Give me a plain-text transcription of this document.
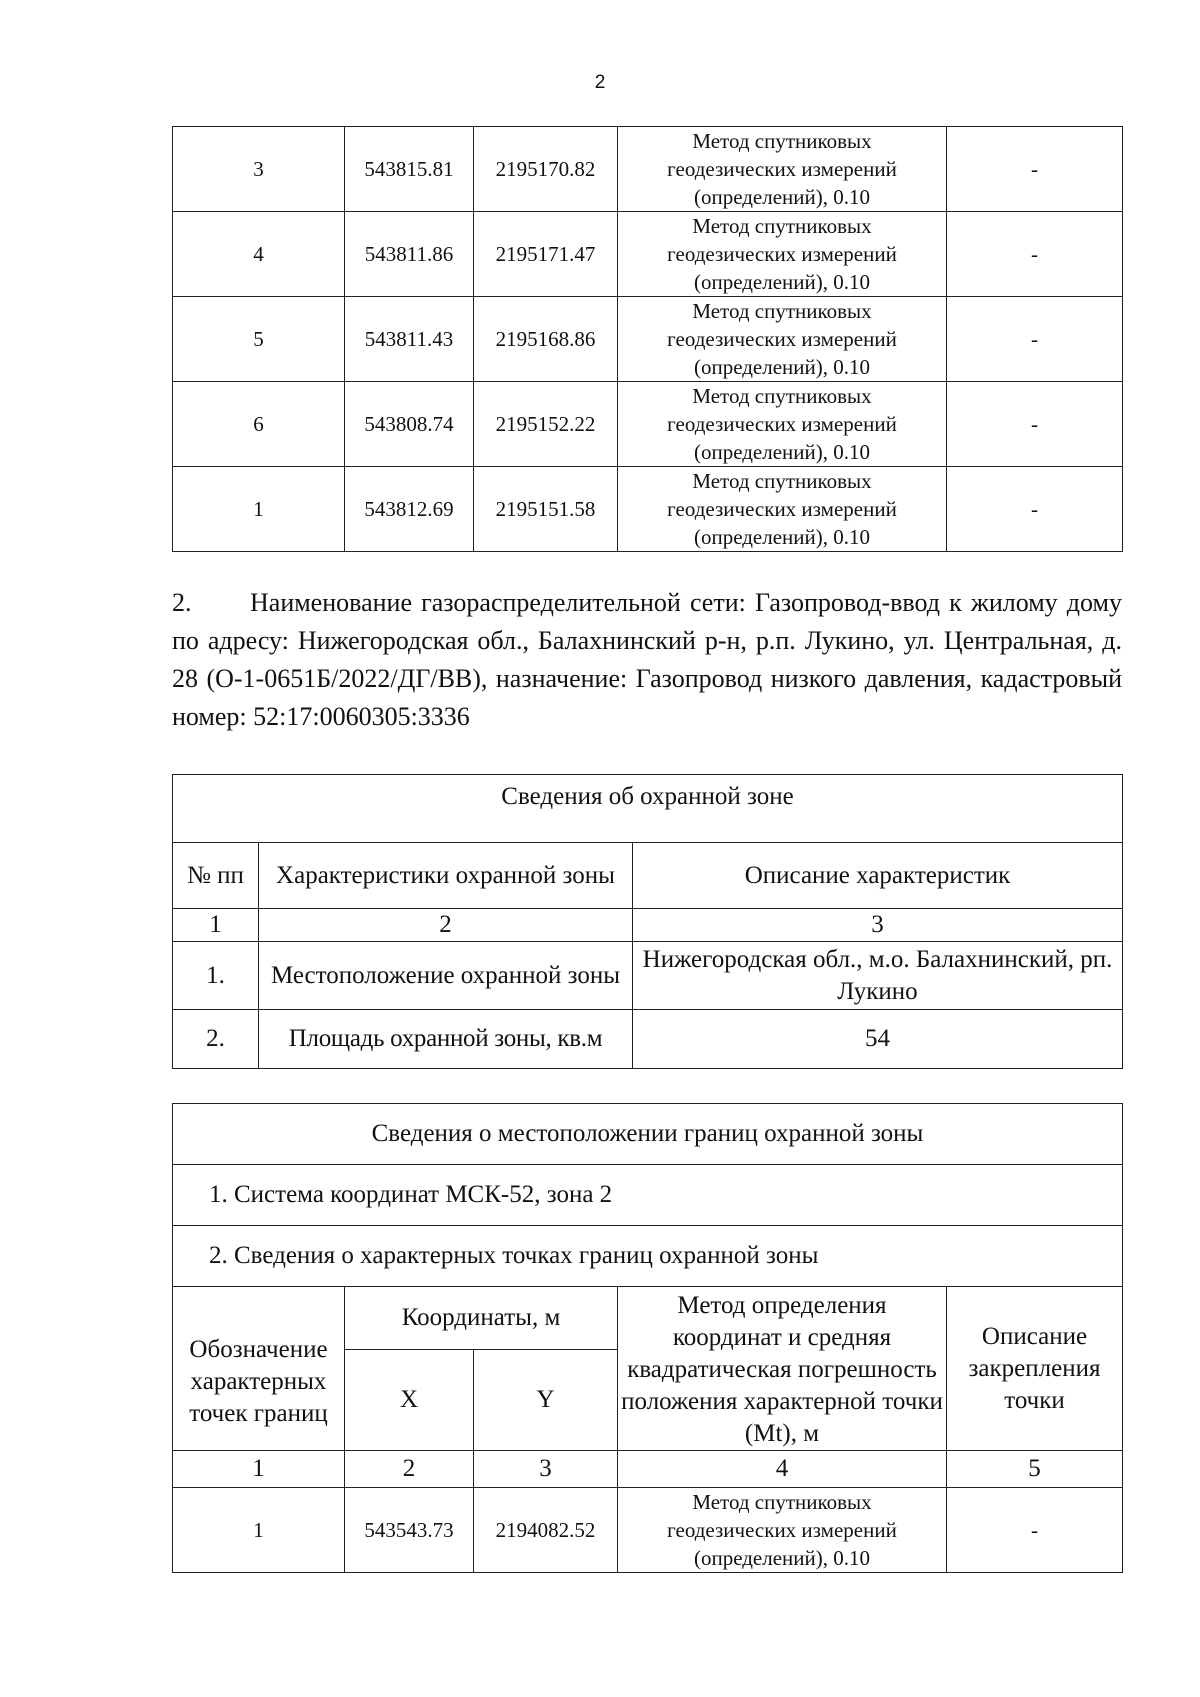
2
3	543815.81	2195170.82	Метод спутниковых
геодезических измерений
(определений), 0.10	-
4	543811.86	2195171.47	Метод спутниковых
геодезических измерений
(определений), 0.10	-
5	543811.43	2195168.86	Метод спутниковых
геодезических измерений
(определений), 0.10	-
6	543808.74	2195152.22	Метод спутниковых
геодезических измерений
(определений), 0.10	-
1	543812.69	2195151.58	Метод спутниковых
геодезических измерений
(определений), 0.10	-
2. Наименование газораспределительной сети: Газопровод-ввод к жилому дому по адресу: Нижегородская обл., Балахнинский р-н, р.п. Лукино, ул. Центральная, д. 28 (О-1-0651Б/2022/ДГ/ВВ), назначение: Газопровод низкого давления, кадастровый номер: 52:17:0060305:3336
Сведения об охранной зоне		
№ пп	Характеристики охранной зоны	Описание характеристик
1	2	3
1.	Местоположение охранной зоны	Нижегородская обл., м.о. Балахнинский, рп. Лукино
2.	Площадь охранной зоны, кв.м	54
Сведения о местоположении границ охранной зоны				
1. Система координат МСК-52, зона 2				
2. Сведения о характерных точках границ охранной зоны				
Обозначение характерных точек границ	Координаты, м		Метод определения координат и средняя квадратическая погрешность положения характерной точки (Mt), м	Описание закрепления точки
	X	Y		
1	2	3	4	5
1	543543.73	2194082.52	Метод спутниковых
геодезических измерений
(определений), 0.10	-
